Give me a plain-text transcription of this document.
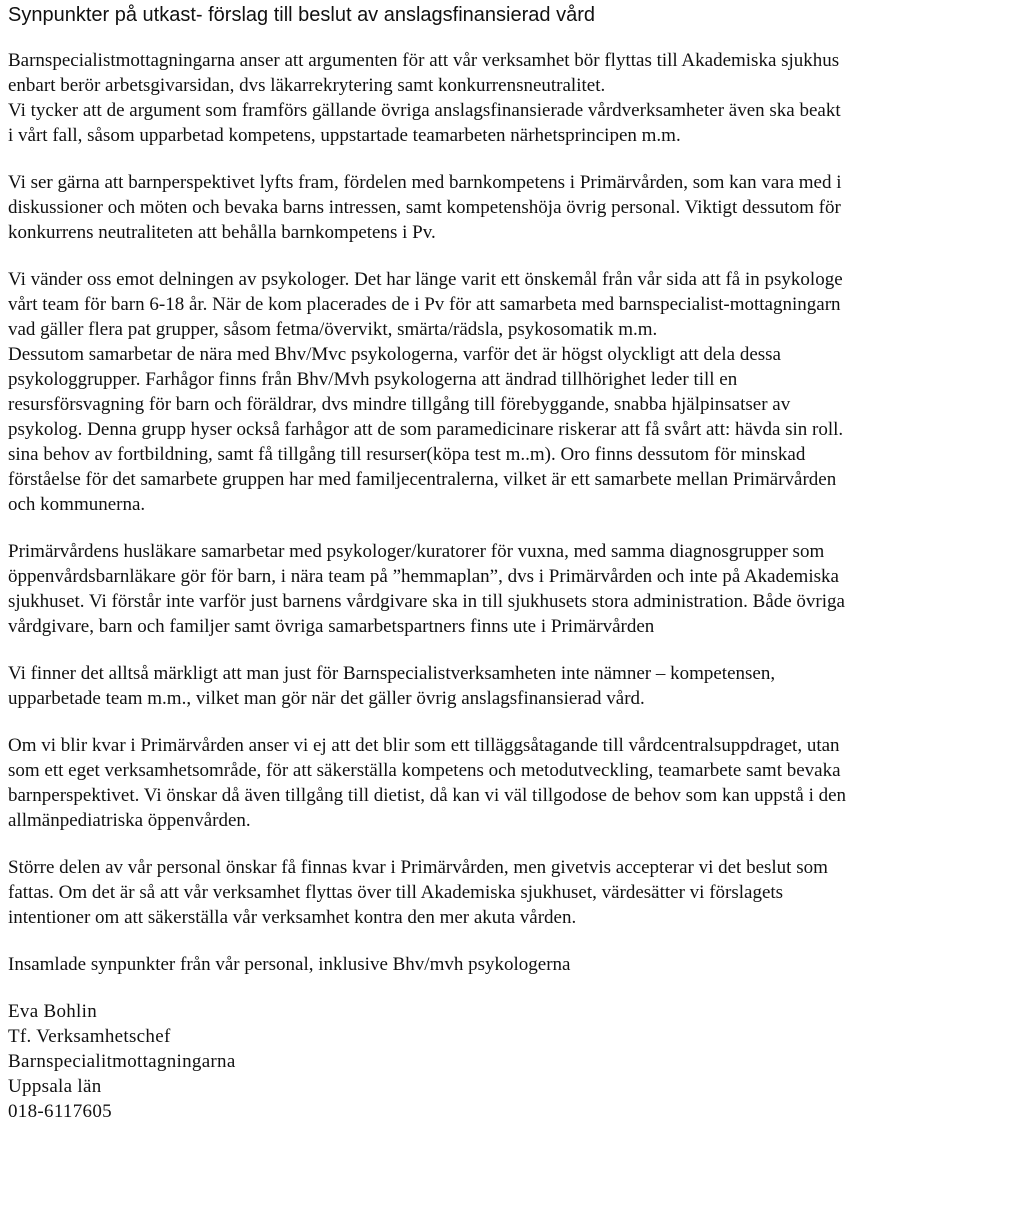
Synpunkter på utkast- förslag till beslut av anslagsfinansierad vård
Barnspecialistmottagningarna anser att argumenten för att vår verksamhet bör flyttas till Akademiska sjukhus
enbart berör arbetsgivarsidan, dvs läkarrekrytering samt konkurrensneutralitet.
Vi tycker att de argument som framförs gällande övriga anslagsfinansierade vårdverksamheter även ska beakt
i vårt fall, såsom upparbetad kompetens, uppstartade teamarbeten närhetsprincipen m.m.
Vi ser gärna att barnperspektivet lyfts fram, fördelen med barnkompetens i Primärvården, som kan vara med i
diskussioner och möten och bevaka barns intressen, samt kompetenshöja övrig personal. Viktigt dessutom för
konkurrens neutraliteten att behålla barnkompetens i Pv.
Vi vänder oss emot delningen av psykologer. Det har länge varit ett önskemål från vår sida att få in psykologe
vårt team för barn 6-18 år. När de kom placerades de i Pv för att samarbeta med barnspecialist-mottagningarn
vad gäller flera pat grupper, såsom fetma/övervikt, smärta/rädsla, psykosomatik m.m.
Dessutom samarbetar de nära med Bhv/Mvc psykologerna, varför det är högst olyckligt att dela dessa
psykologgrupper. Farhågor finns från Bhv/Mvh psykologerna att ändrad tillhörighet leder till en
resursförsvagning för barn och föräldrar, dvs mindre tillgång till förebyggande, snabba hjälpinsatser av
psykolog. Denna grupp hyser också farhågor att de som paramedicinare riskerar att få svårt att: hävda sin roll.
sina behov av fortbildning, samt få tillgång till resurser(köpa test m..m). Oro finns dessutom för minskad
förståelse för det samarbete gruppen har med familjecentralerna, vilket är ett samarbete mellan Primärvården
och kommunerna.
Primärvårdens husläkare samarbetar med psykologer/kuratorer för vuxna, med samma diagnosgrupper som
öppenvårdsbarnläkare gör för barn, i nära team på ”hemmaplan”, dvs i Primärvården och inte på Akademiska
sjukhuset. Vi förstår inte varför just barnens vårdgivare ska in till sjukhusets stora administration. Både övriga
vårdgivare, barn och familjer samt övriga samarbetspartners finns ute i Primärvården
Vi finner det alltså märkligt att man just för Barnspecialistverksamheten inte nämner – kompetensen,
upparbetade team m.m., vilket man gör när det gäller övrig anslagsfinansierad vård.
Om vi blir kvar i Primärvården anser vi ej att det blir som ett tilläggsåtagande till vårdcentralsuppdraget, utan
som ett eget verksamhetsområde, för att säkerställa kompetens och metodutveckling, teamarbete samt bevaka
barnperspektivet. Vi önskar då även tillgång till dietist, då kan vi väl tillgodose de behov som kan uppstå i den
allmänpediatriska öppenvården.
Större delen av vår personal önskar få finnas kvar i Primärvården, men givetvis accepterar vi det beslut som
fattas. Om det är så att vår verksamhet flyttas över till Akademiska sjukhuset, värdesätter vi förslagets
intentioner om att säkerställa vår verksamhet kontra den mer akuta vården.
Insamlade synpunkter från vår personal, inklusive Bhv/mvh psykologerna
Eva Bohlin
Tf. Verksamhetschef
Barnspecialitmottagningarna
Uppsala län
018-6117605
